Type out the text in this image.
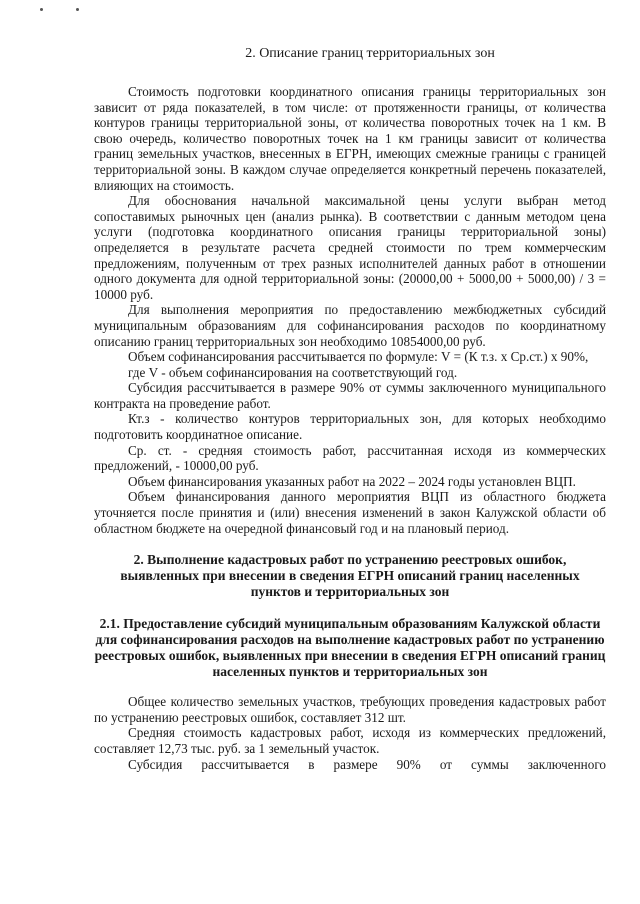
2. Описание границ территориальных зон

Стоимость подготовки координатного описания границы территориальных зон зависит от ряда показателей, в том числе: от протяженности границы, от количества контуров границы территориальной зоны, от количества поворотных точек на 1 км. В свою очередь, количество поворотных точек на 1 км границы зависит от количества границ земельных участков, внесенных в ЕГРН, имеющих смежные границы с границей территориальной зоны. В каждом случае определяется конкретный перечень показателей, влияющих на стоимость.

Для обоснования начальной максимальной цены услуги выбран метод сопоставимых рыночных цен (анализ рынка). В соответствии с данным методом цена услуги (подготовка координатного описания границы территориальной зоны) определяется в результате расчета средней стоимости по трем коммерческим предложениям, полученным от трех разных исполнителей данных работ в отношении одного документа для одной территориальной зоны: (20000,00 + 5000,00 + 5000,00) / 3 = 10000 руб.

Для выполнения мероприятия по предоставлению межбюджетных субсидий муниципальным образованиям для софинансирования расходов по координатному описанию границ территориальных зон необходимо 10854000,00 руб.

Объем софинансирования рассчитывается по формуле: V = (К т.з. х Ср.ст.) х 90%,

где V - объем софинансирования на соответствующий год.

Субсидия рассчитывается в размере 90% от суммы заключенного муниципального контракта на проведение работ.

Кт.з - количество контуров территориальных зон, для которых необходимо подготовить координатное описание.

Ср. ст. - средняя стоимость работ, рассчитанная исходя из коммерческих предложений, - 10000,00 руб.

Объем финансирования указанных работ на 2022 – 2024 годы установлен ВЦП.

Объем финансирования данного мероприятия ВЦП из областного бюджета уточняется после принятия и (или) внесения изменений в закон Калужской области об областном бюджете на очередной финансовый год и на плановый период.

2. Выполнение кадастровых работ по устранению реестровых ошибок, выявленных при внесении в сведения ЕГРН описаний границ населенных пунктов и территориальных зон

2.1. Предоставление субсидий муниципальным образованиям Калужской области для софинансирования расходов на выполнение кадастровых работ по устранению реестровых ошибок, выявленных при внесении в сведения ЕГРН описаний границ населенных пунктов и территориальных зон

Общее количество земельных участков, требующих проведения кадастровых работ по устранению реестровых ошибок, составляет 312 шт.

Средняя стоимость кадастровых работ, исходя из коммерческих предложений, составляет 12,73 тыс. руб. за 1 земельный участок.

Субсидия рассчитывается в размере 90% от суммы заключенного
